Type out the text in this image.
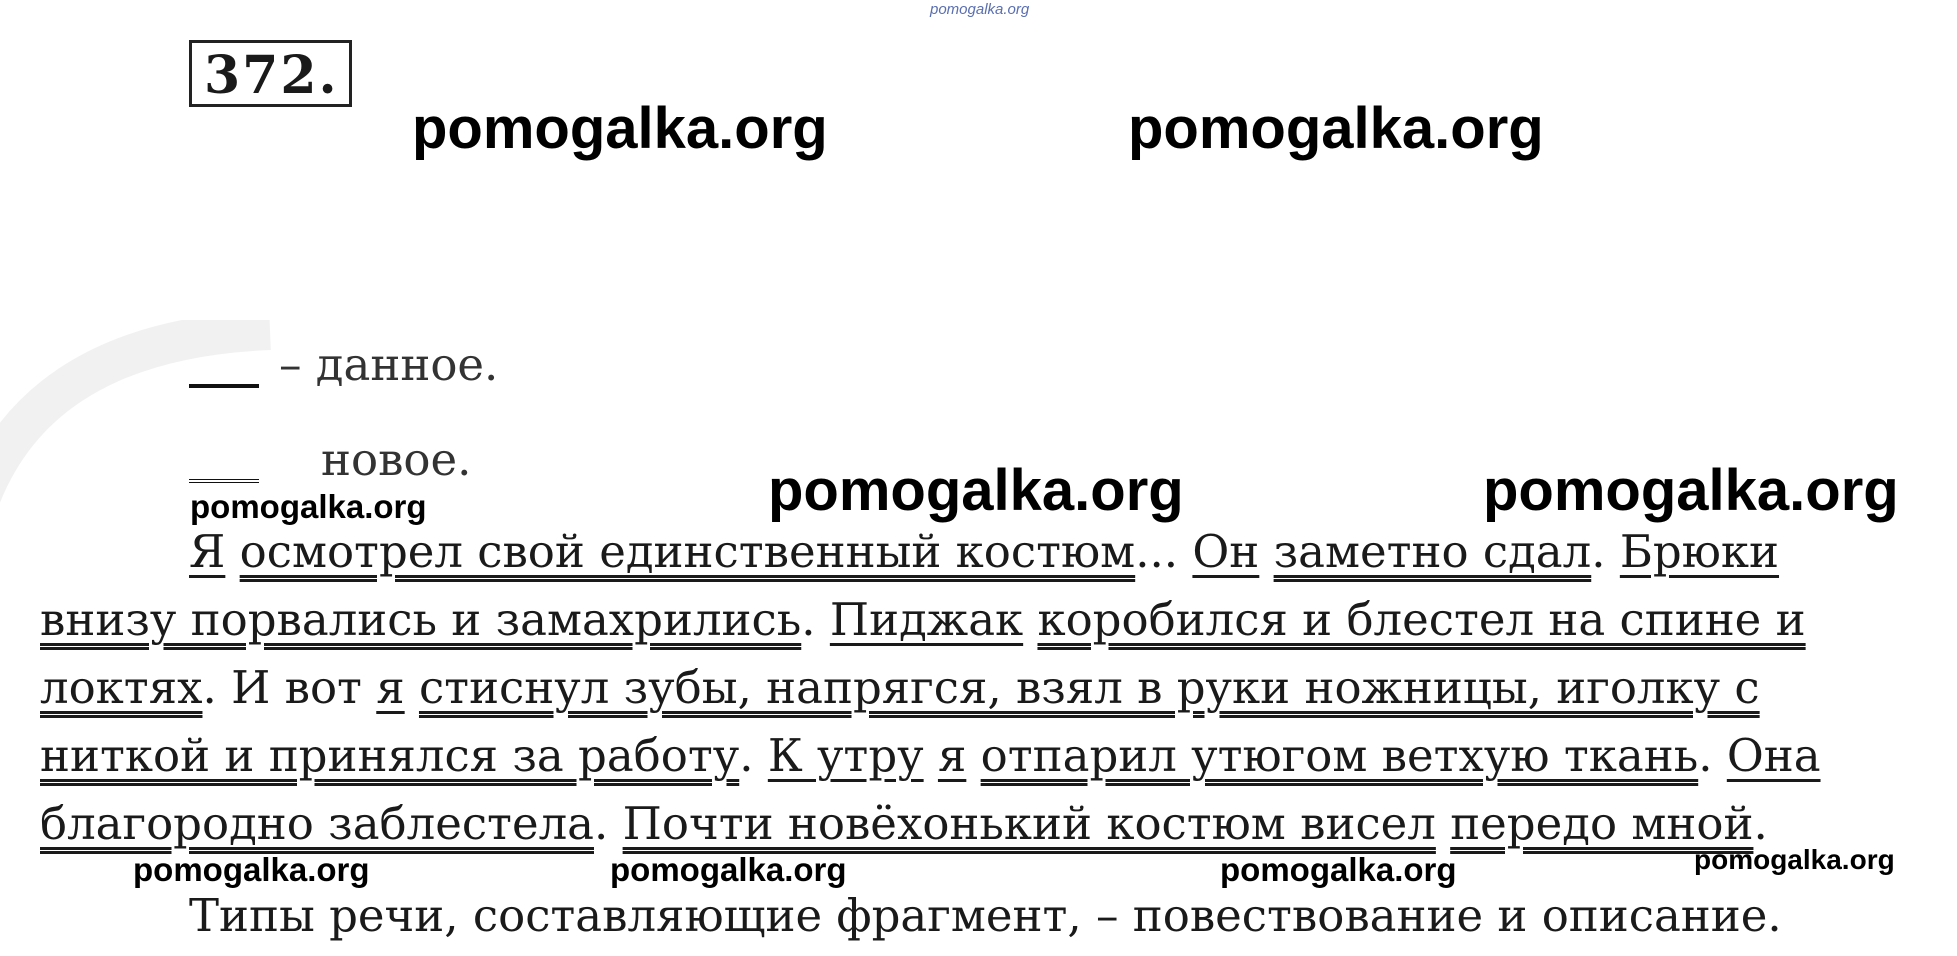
pomogalka.org
372.
pomogalka.org	pomogalka.org
– данное.
новое.
pomogalka.org	pomogalka.org	pomogalka.org
Я осмотрел свой единственный костюм... Он заметно сдал. Брюки
внизу порвались и замахрились. Пиджак коробился и блестел на спине и
локтях. И вот я стиснул зубы, напрягся, взял в руки ножницы, иголку с
ниткой и принялся за работу. К утру я отпарил утюгом ветхую ткань. Она
благородно заблестела. Почти новёхонький костюм висел передо мной.
pomogalka.org	pomogalka.org	pomogalka.org	pomogalka.org
Типы речи, составляющие фрагмент, – повествование и описание.
